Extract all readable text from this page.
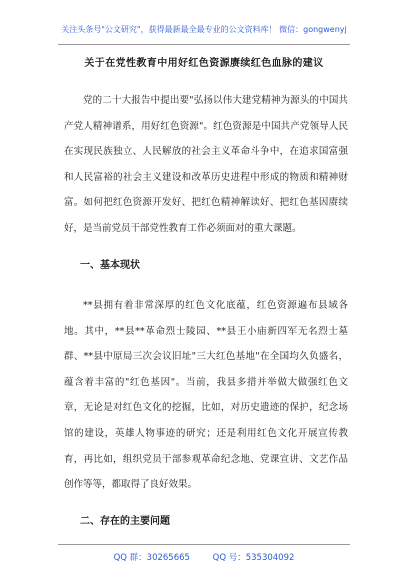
关注头条号"公文研究"，获得最新最全最专业的公文资料库！ 微信：gongwenyj
关于在党性教育中用好红色资源赓续红色血脉的建议

党的二十大报告中提出要"弘扬以伟大建党精神为源头的中国共产党人精神谱系，用好红色资源"。红色资源是中国共产党领导人民在实现民族独立、人民解放的社会主义革命斗争中，在追求国富强和人民富裕的社会主义建设和改革历史进程中形成的物质和精神财富。如何把红色资源开发好、把红色精神解读好、把红色基因赓续好，是当前党员干部党性教育工作必须面对的重大课题。

一、基本现状

**县拥有着非常深厚的红色文化底蕴，红色资源遍布县域各地。其中，**县**革命烈士陵园、**县王小庙新四军无名烈士墓群、**县中原局三次会议旧址"三大红色基地"在全国均久负盛名，蕴含着丰富的"红色基因"。当前，我县多措并举做大做强红色文章，无论是对红色文化的挖掘，比如，对历史遗迹的保护，纪念场馆的建设，英雄人物事迹的研究；还是利用红色文化开展宣传教育，再比如，组织党员干部参观革命纪念地、党课宣讲、文艺作品创作等等，都取得了良好效果。

二、存在的主要问题
QQ 群：30265665	QQ 号：535304092
